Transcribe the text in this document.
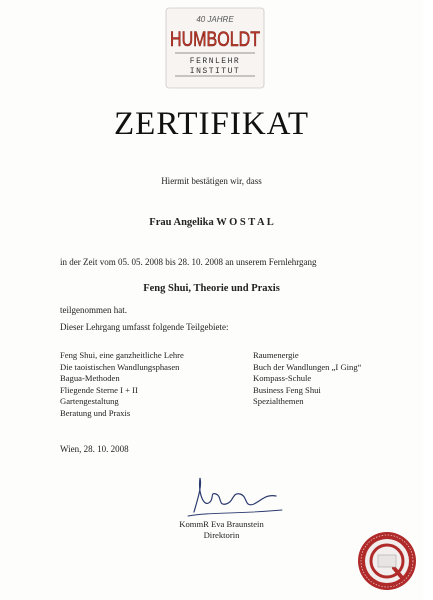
40 JAHRE
HUMBOLDT
FERNLEHR
INSTITUT
ZERTIFIKAT
Hiermit bestätigen wir, dass
Frau Angelika W O S T A L
in der Zeit vom 05. 05. 2008 bis 28. 10. 2008 an unserem Fernlehrgang
Feng Shui, Theorie und Praxis
teilgenommen hat.
Dieser Lehrgang umfasst folgende Teilgebiete:
Feng Shui, eine ganzheitliche Lehre
Die taoistischen Wandlungsphasen
Bagua-Methoden
Fliegende Sterne I + II
Gartengestaltung
Beratung und Praxis
Raumenergie
Buch der Wandlungen „I Ging“
Kompass-Schule
Business Feng Shui
Spezialthemen
Wien, 28. 10. 2008
KommR Eva Braunstein
Direktorin
